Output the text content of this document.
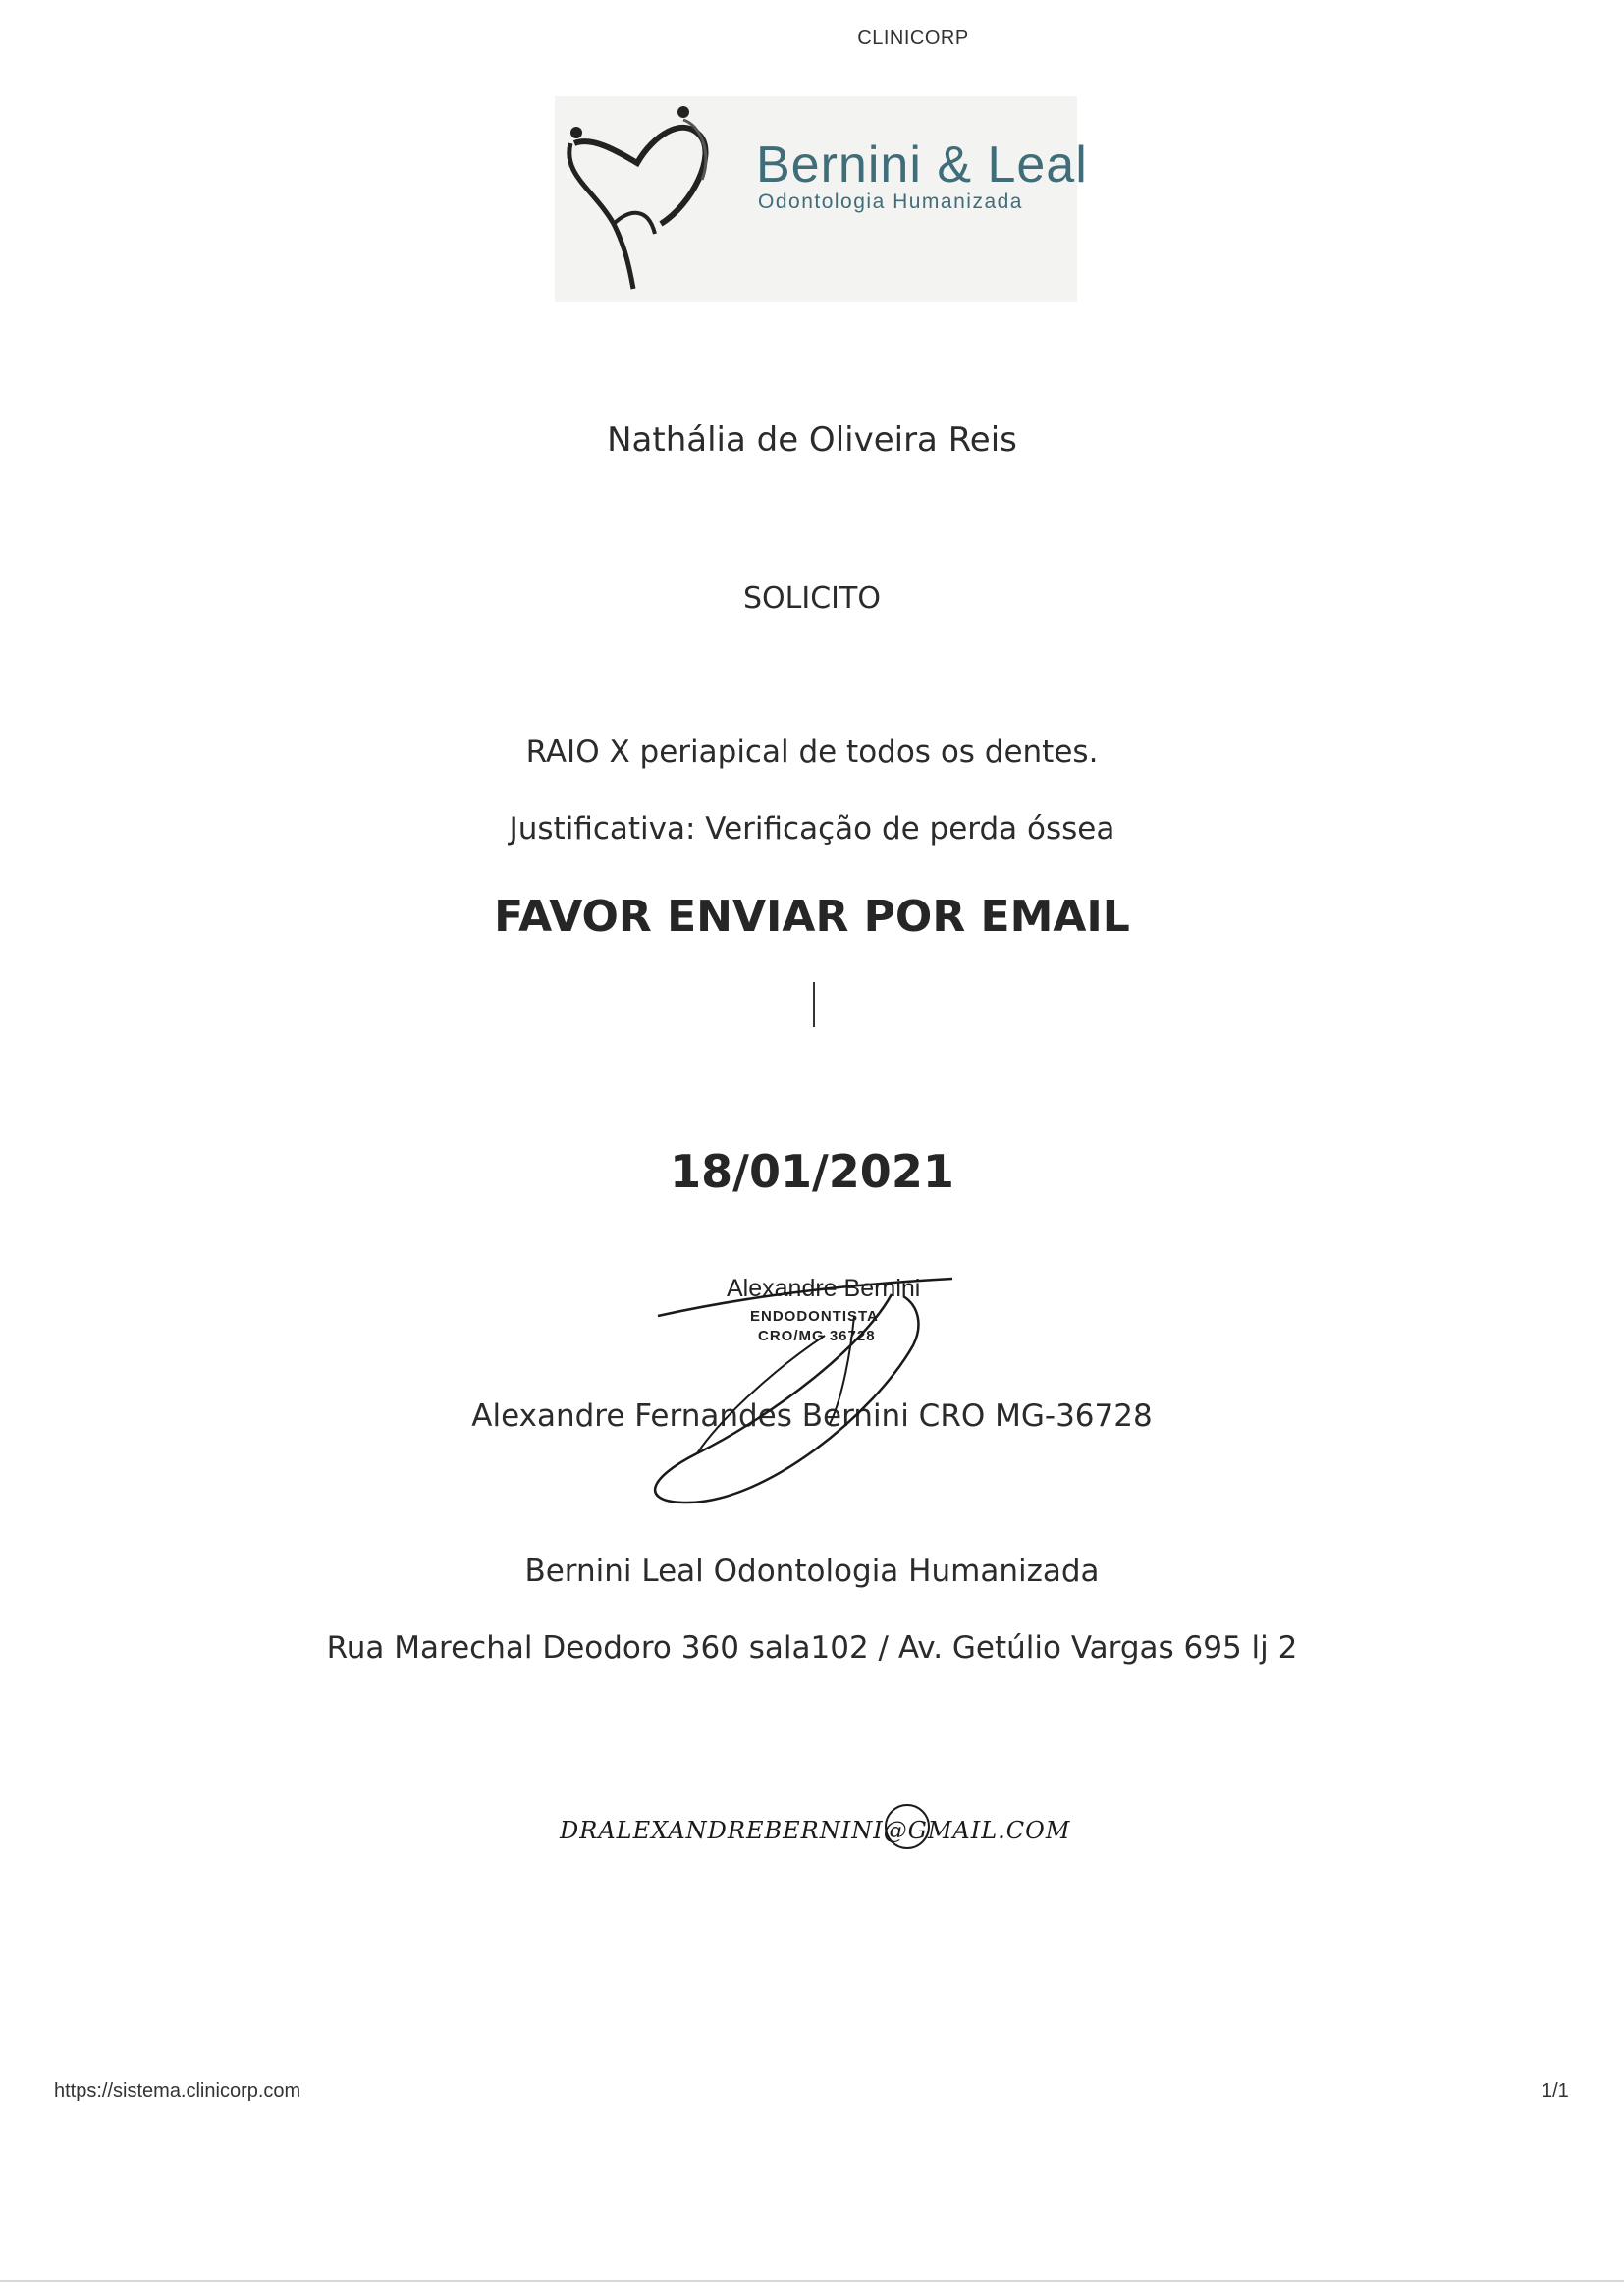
CLINICORP
Bernini & Leal
Odontologia Humanizada
Nathália de Oliveira Reis
SOLICITO
RAIO X periapical de todos os dentes.
Justificativa: Verificação de perda óssea
FAVOR ENVIAR POR EMAIL
18/01/2021
Alexandre Bernini
ENDODONTISTA
CRO/MG 36728
Alexandre Fernandes Bernini CRO MG-36728
Bernini Leal Odontologia Humanizada
Rua Marechal Deodoro 360 sala102 / Av. Getúlio Vargas 695 lj 2
DRALEXANDREBERNINI@GMAIL.COM
https://sistema.clinicorp.com	1/1
